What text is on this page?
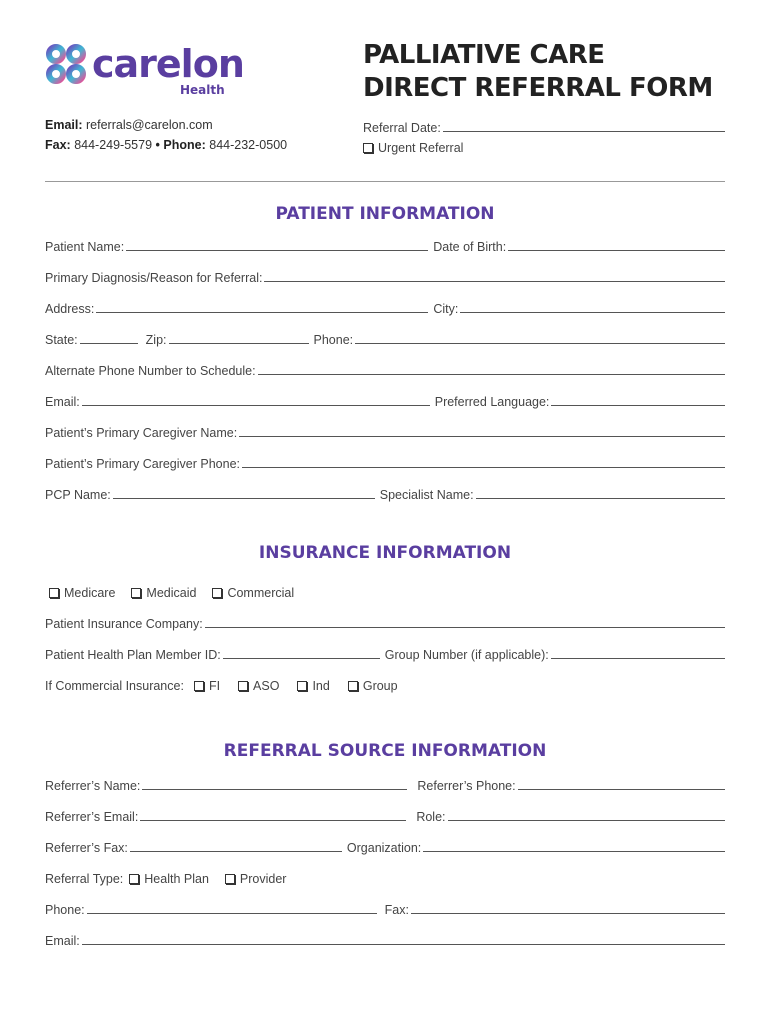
carelon
Health
PALLIATIVE CARE
DIRECT REFERRAL FORM
Email: referrals@carelon.com
Fax: 844-249-5579 • Phone: 844-232-0500
Referral Date:
Urgent Referral
PATIENT INFORMATION
Patient Name:	Date of Birth:
Primary Diagnosis/Reason for Referral:
Address:	City:
State:	Zip:	Phone:
Alternate Phone Number to Schedule:
Email:	Preferred Language:
Patient’s Primary Caregiver Name:
Patient’s Primary Caregiver Phone:
PCP Name:	Specialist Name:
INSURANCE INFORMATION
Medicare Medicaid Commercial
Patient Insurance Company:
Patient Health Plan Member ID:	Group Number (if applicable):
If Commercial Insurance: FI	ASO	Ind	Group
REFERRAL SOURCE INFORMATION
Referrer’s Name:	Referrer’s Phone:
Referrer’s Email:	Role:
Referrer’s Fax:	Organization:
Referral Type: Health Plan Provider
Phone:	Fax:
Email:
